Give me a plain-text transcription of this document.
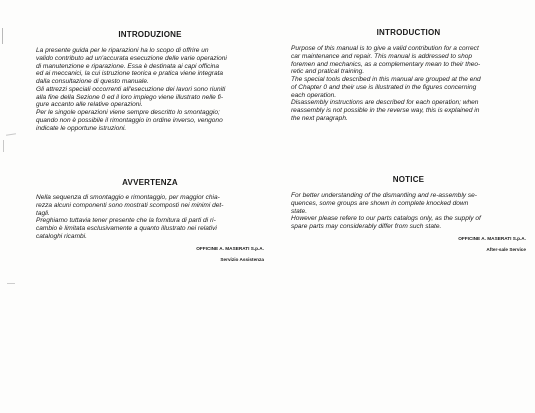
INTRODUZIONE

La presente guida per le riparazioni ha lo scopo di offrire un
valido contributo ad un'accurata esecuzione delle varie operazioni
di manutenzione e riparazione. Essa è destinata ai capi officina
ed ai meccanici, la cui istruzione teorica e pratica viene integrata
dalla consultazione di questo manuale.
Gli attrezzi speciali occorrenti all'esecuzione dei lavori sono riuniti
alla fine della Sezione 0 ed il loro impiego viene illustrato nelle fi-
gure accanto alle relative operazioni.
Per le singole operazioni viene sempre descritto lo smontaggio;
quando non è possibile il rimontaggio in ordine inverso, vengono
indicate le opportune istruzioni.

INTRODUCTION

Purpose of this manual is to give a valid contribution for a correct
car maintenance and repair. This manual is addressed to shop
foremen and mechanics, as a complementary mean to their theo-
retic and pratical training.
The special tools described in this manual are grouped at the end
of Chapter 0 and their use is illustrated in the figures concerning
each operation.
Disassembly instructions are described for each operation; when
reassembly is not possible in the reverse way, this is explained in
the next paragraph.

AVVERTENZA

Nella sequenza di smontaggio e rimontaggio, per maggior chia-
rezza alcuni componenti sono mostrati scomposti nei minimi det-
tagli.
Preghiamo tuttavia tener presente che la fornitura di parti di ri-
cambio è limitata esclusivamente a quanto illustrato nei relativi
cataloghi ricambi.

OFFICINE A. MASERATI S.p.A.

Servizio Assistenza

NOTICE

For better understanding of the dismantling and re-assembly se-
quences, some groups are shown in complete knocked down
state.
However please refere to our parts catalogs only, as the supply of
spare parts may considerably differ from such state.

OFFICINE A. MASERATI S.p.A.

After-sale Service
